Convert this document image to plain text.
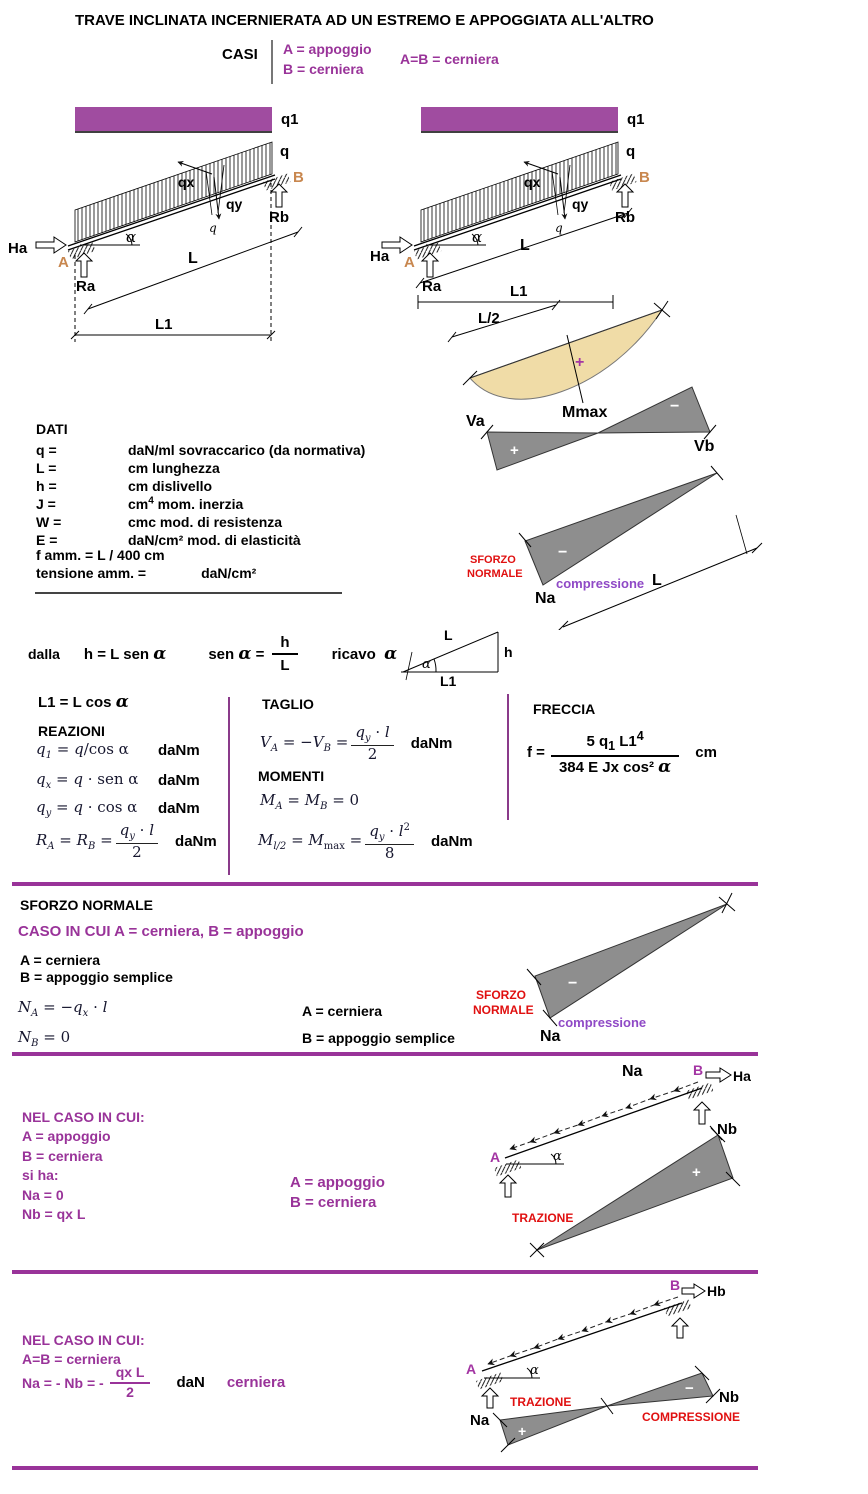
TRAVE INCLINATA INCERNIERATA AD UN ESTREMO E APPOGGIATA ALL'ALTRO
CASI A = appoggio
B = cerniera
A=B = cerniera
q1
q
α
Ha
Ra
A
B
Rb
qx
qy
q
L
L1
q1
q
α
Ha
Ra
A
B
Rb
qx
qy
q
L
L1
L/2
+
Mmax
+
−
Va
Vb
−
SFORZO
NORMALE
compressione
Na
L
DATI
q =	daN/ml sovraccarico (da normativa)
L =	cm lunghezza
h =	cm dislivello
J =	$cm^4$ mom. inerzia
W =	cmc mod. di resistenza
E =	daN/cm² mod. di elasticità
f amm. = L / 400 cm
tensione amm. =	daN/cm²
dalla h = L sen α	sen $\alpha = \frac{h}{L}$ ricavo α
L
h
L1
α
L1 = L cos α
REAZIONI
$q_1 = q/\cos$ α	daNm
$q_x = q$ · sen α	daNm
$q_y = q \cdot \cos \alpha$	daNm
$R_A = R_B = \frac{q_y \cdot l}{2}$ daNm
TAGLIO
$V_A = -V_B = \frac{q_y \cdot l}{2}$ daNm
MOMENTI
$M_A = M_B = 0$
$M_{l/2} = M_{max} = \frac{q_y \cdot l^2}{8}$ daNm
FRECCIA
$f = \frac{5 q_1 L1^4}{\text{384 E Jx cos² α}}$ cm
SFORZO NORMALE
CASO IN CUI A = cerniera, B = appoggio
A = cerniera
B = appoggio semplice
$N_A = -q_x \cdot l$
$N_B = 0$
A = cerniera
B = appoggio semplice
−
SFORZO
NORMALE
compressione
Na
NEL CASO IN CUI:
A = appoggio
B = cerniera
si ha:
Na = 0
Nb = qx L
A = appoggio
B = cerniera
Na	B Ha
Nb
A	α
+
TRAZIONE
NEL CASO IN CUI:
A=B = cerniera
Na = - Nb = -
qx L
2
daN cerniera
B Hb
A	α
+
−
Na
Nb
TRAZIONE
COMPRESSIONE
